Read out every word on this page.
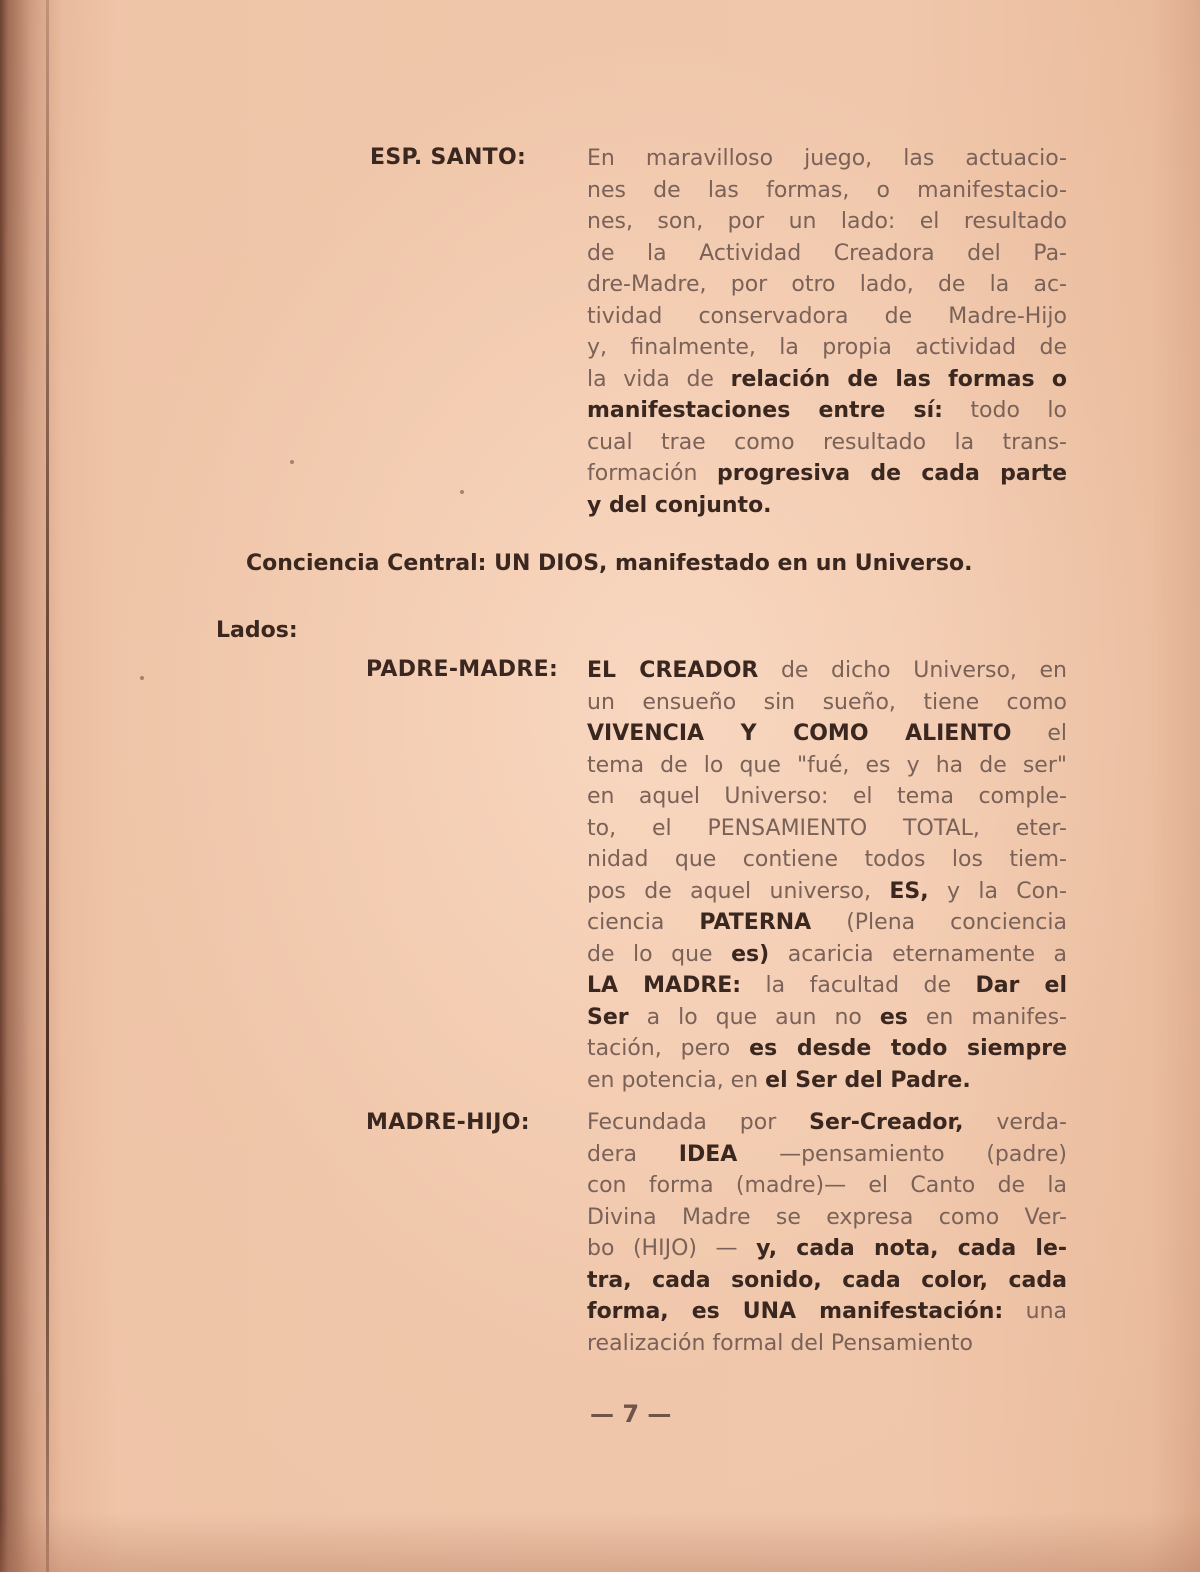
ESP. SANTO:	En maravilloso juego, las actuacio-
nes de las formas, o manifestacio-
nes, son, por un lado: el resultado
de la Actividad Creadora del Pa-
dre-Madre, por otro lado, de la ac-
tividad conservadora de Madre-Hijo
y, finalmente, la propia actividad de
la vida de relación de las formas o
manifestaciones entre sí: todo lo
cual trae como resultado la trans-
formación progresiva de cada parte
y del conjunto.
Conciencia Central: UN DIOS, manifestado en un Universo.
Lados:
PADRE-MADRE: EL CREADOR de dicho Universo, en
un ensueño sin sueño, tiene como
VIVENCIA Y COMO ALIENTO el
tema de lo que "fué, es y ha de ser"
en aquel Universo: el tema comple-
to, el PENSAMIENTO TOTAL, eter-
nidad que contiene todos los tiem-
pos de aquel universo, ES, y la Con-
ciencia PATERNA (Plena conciencia
de lo que es) acaricia eternamente a
LA MADRE: la facultad de Dar el
Ser a lo que aun no es en manifes-
tación, pero es desde todo siempre
en potencia, en el Ser del Padre.
MADRE-HIJO:	Fecundada por Ser-Creador, verda-
dera IDEA —pensamiento (padre)
con forma (madre)— el Canto de la
Divina Madre se expresa como Ver-
bo (HIJO) — y, cada nota, cada le-
tra, cada sonido, cada color, cada
forma, es UNA manifestación: una
realización formal del Pensamiento
— 7 —
